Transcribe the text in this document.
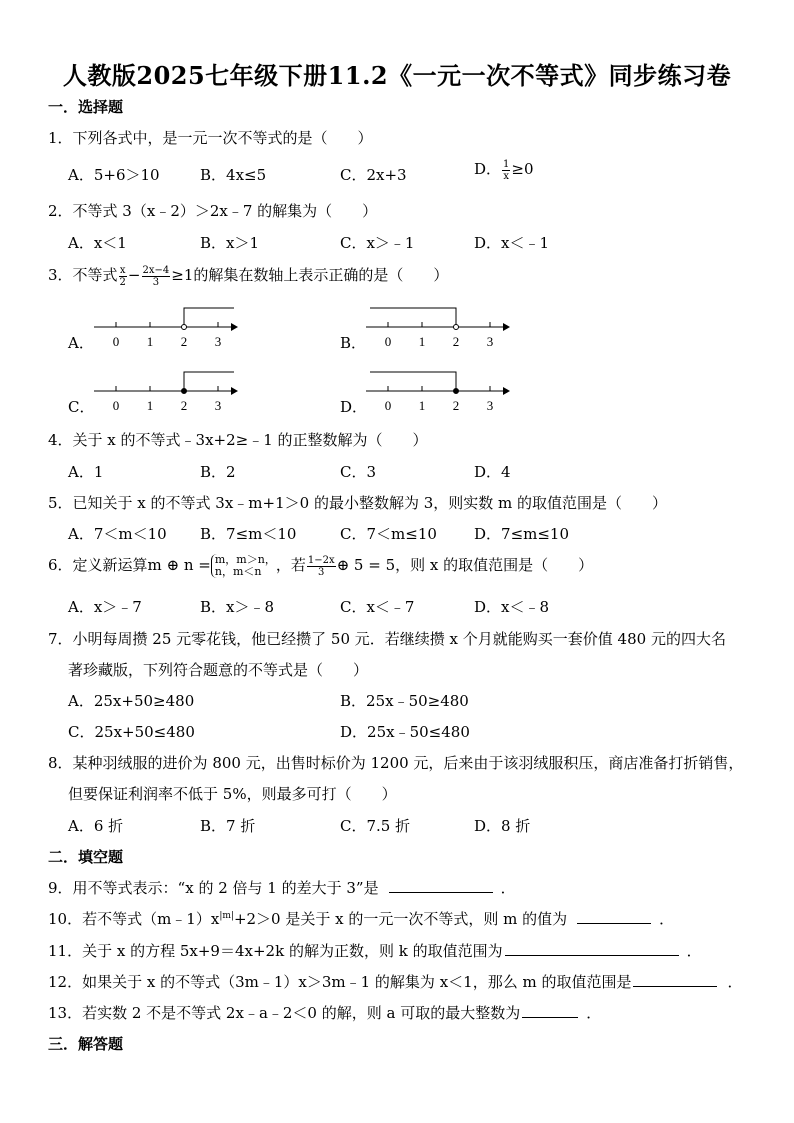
人教版2025七年级下册11.2《一元一次不等式》同步练习卷
一．选择题
1．下列各式中，是一元一次不等式的是（　　）
A．5+6＞10	B．4x≤5	C．2x+3	D． $\frac{1}{x} \ge 0$
2．不等式 3（x﹣2）＞2x﹣7 的解集为（　　）
A．x＜1	B．x＞1	C．x＞﹣1	D．x＜﹣1
3．不等式 $\frac{x}{2} - \frac{2x-4}{3} \ge 1$的解集在数轴上表示正确的是（　　）
A． 0 1 2 3	B． 0 1 2 3
C． 0 1 2 3	D． 0 1 2 3
4．关于 x 的不等式﹣3x+2≥﹣1 的正整数解为（　　）
A．1	B．2	C．3	D．4
5．已知关于 x 的不等式 3x﹣m+1＞0 的最小整数解为 3，则实数 m 的取值范围是（　　）
A．7＜m＜10 B．7≤m＜10	C．7＜m≤10 D．7≤m≤10
6．定义新运算m ⊕ n = m，m＞n，
n，m＜n ，若 $\frac{1-2x}{3}$ ⊕ 5 = 5，则 x 的取值范围是（　　）
A．x＞﹣7	B．x＞﹣8	C．x＜﹣7	D．x＜﹣8
7．小明每周攒 25 元零花钱，他已经攒了 50 元．若继续攒 x 个月就能购买一套价值 480 元的四大名
著珍藏版，下列符合题意的不等式是（　　）
A．25x+50≥480	B．25x﹣50≥480
C．25x+50≤480	D．25x﹣50≤480
8．某种羽绒服的进价为 800 元，出售时标价为 1200 元，后来由于该羽绒服积压，商店准备打折销售，
但要保证利润率不低于 5%，则最多可打（　　）
A．6 折	B．7 折	C．7.5 折	D．8 折
二．填空题
9．用不等式表示：“x 的 2 倍与 1 的差大于 3”是	．
10．若不等式$(m﹣1)x^{|m|}+2>0$ 是关于 x 的一元一次不等式，则 m 的值为	．
11．关于 x 的方程 5x+9＝4x+2k 的解为正数，则 k 的取值范围为	．
12．如果关于 x 的不等式（3m﹣1）x＞3m﹣1 的解集为 x＜1，那么 m 的取值范围是	．
13．若实数 2 不是不等式 2x﹣a﹣2＜0 的解，则 a 可取的最大整数为	．
三．解答题
